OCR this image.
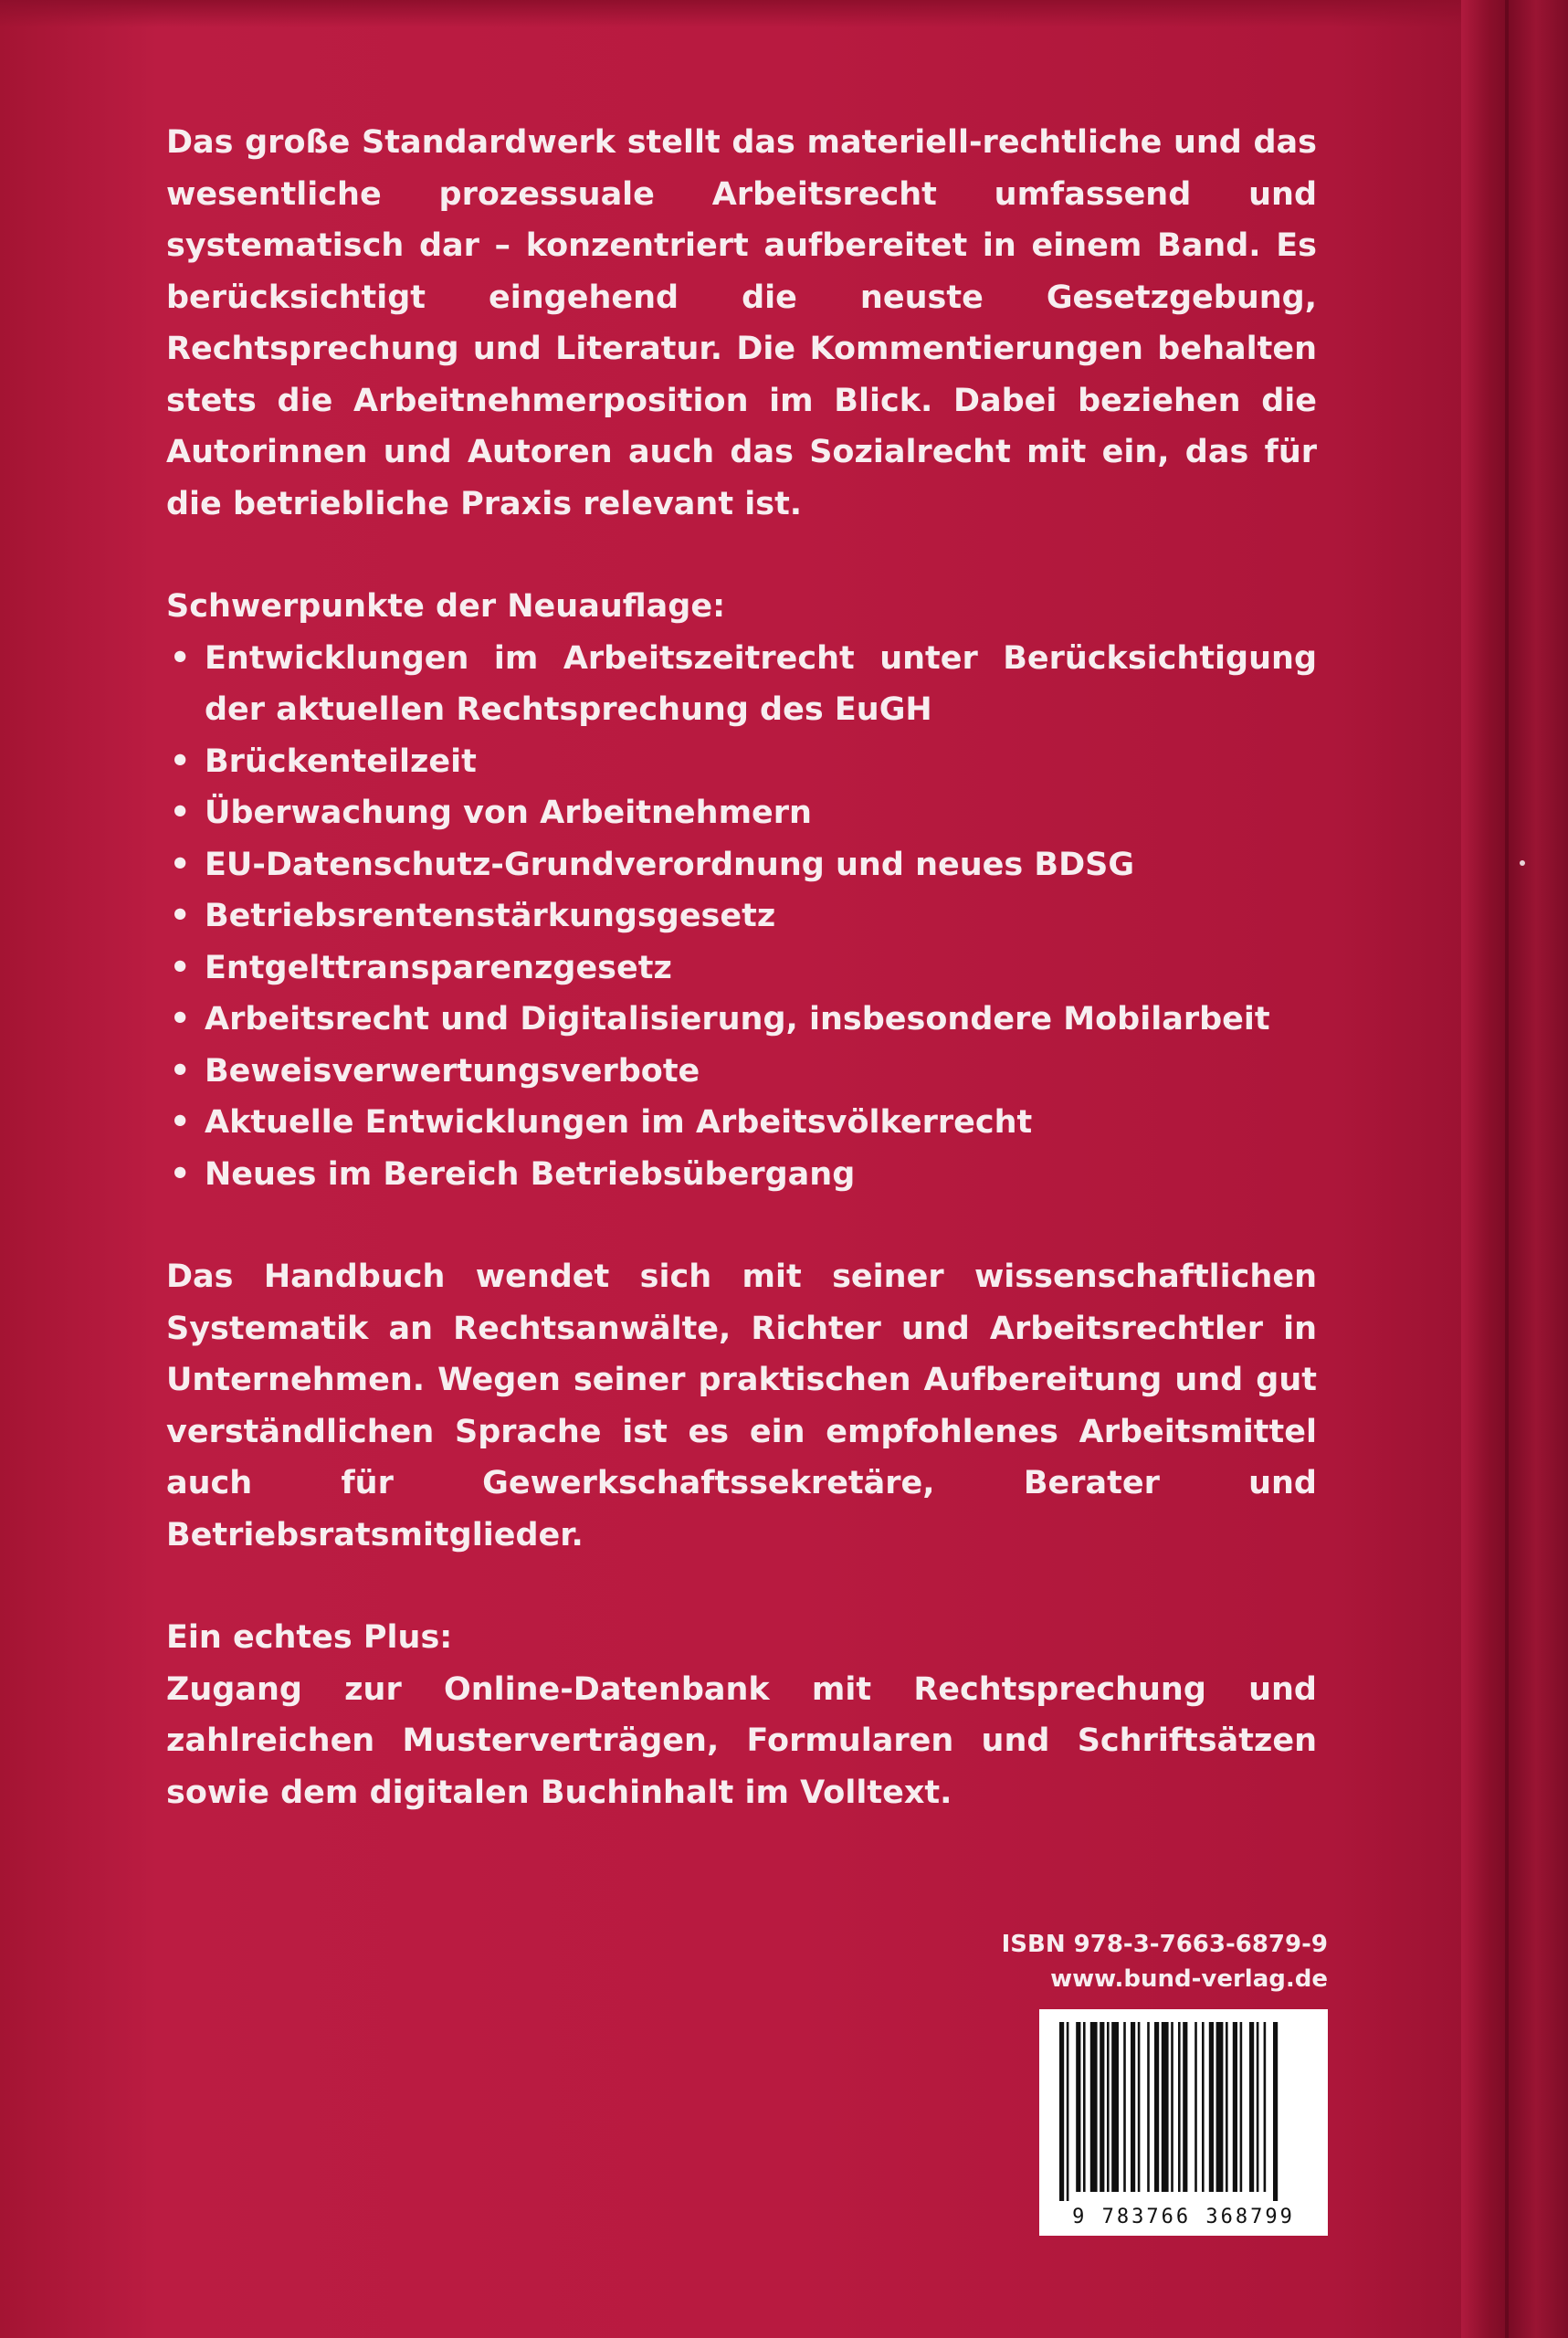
Das große Standardwerk stellt das materiell-rechtliche und das wesentliche prozessuale Arbeitsrecht umfassend und systematisch dar – konzentriert aufbereitet in einem Band. Es berücksichtigt eingehend die neuste Gesetzgebung, Rechtsprechung und Literatur. Die Kommentierungen behalten stets die Arbeitnehmerposition im Blick. Dabei beziehen die Autorinnen und Autoren auch das Sozialrecht mit ein, das für die betriebliche Praxis relevant ist.

Schwerpunkte der Neuauflage:

• Entwicklungen im Arbeitszeitrecht unter Berücksichtigung der aktuellen Rechtsprechung des EuGH
• Brückenteilzeit
• Überwachung von Arbeitnehmern
• EU-Datenschutz-Grundverordnung und neues BDSG
• Betriebsrentenstärkungsgesetz
• Entgelttransparenzgesetz
• Arbeitsrecht und Digitalisierung, insbesondere Mobilarbeit
• Beweisverwertungsverbote
• Aktuelle Entwicklungen im Arbeitsvölkerrecht
• Neues im Bereich Betriebsübergang

Das Handbuch wendet sich mit seiner wissenschaftlichen Systematik an Rechtsanwälte, Richter und Arbeitsrechtler in Unternehmen. Wegen seiner praktischen Aufbereitung und gut verständlichen Sprache ist es ein empfohlenes Arbeitsmittel auch für Gewerkschaftssekretäre, Berater und Betriebsratsmitglieder.

Ein echtes Plus:

Zugang zur Online-Datenbank mit Rechtsprechung und zahlreichen Musterverträgen, Formularen und Schriftsätzen sowie dem digitalen Buchinhalt im Volltext.

ISBN 978-3-7663-6879-9
www.bund-verlag.de
9 783766 368799
